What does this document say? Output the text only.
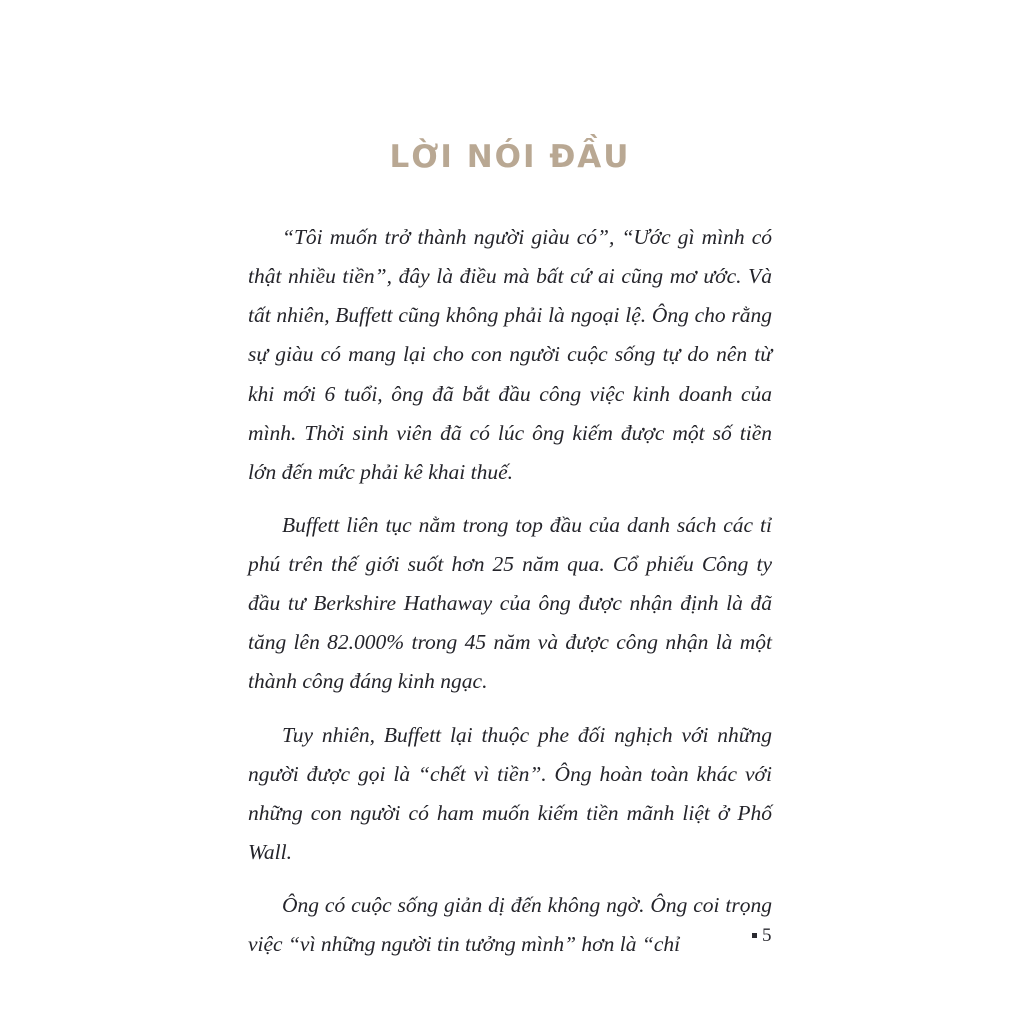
LỜI NÓI ĐẦU

“Tôi muốn trở thành người giàu có”, “Ước gì mình có thật nhiều tiền”, đây là điều mà bất cứ ai cũng mơ ước. Và tất nhiên, Buffett cũng không phải là ngoại lệ. Ông cho rằng sự giàu có mang lại cho con người cuộc sống tự do nên từ khi mới 6 tuổi, ông đã bắt đầu công việc kinh doanh của mình. Thời sinh viên đã có lúc ông kiếm được một số tiền lớn đến mức phải kê khai thuế.

Buffett liên tục nằm trong top đầu của danh sách các tỉ phú trên thế giới suốt hơn 25 năm qua. Cổ phiếu Công ty đầu tư Berkshire Hathaway của ông được nhận định là đã tăng lên 82.000% trong 45 năm và được công nhận là một thành công đáng kinh ngạc.

Tuy nhiên, Buffett lại thuộc phe đối nghịch với những người được gọi là “chết vì tiền”. Ông hoàn toàn khác với những con người có ham muốn kiếm tiền mãnh liệt ở Phố Wall.

Ông có cuộc sống giản dị đến không ngờ. Ông coi trọng việc “vì những người tin tưởng mình” hơn là “chỉ	5
